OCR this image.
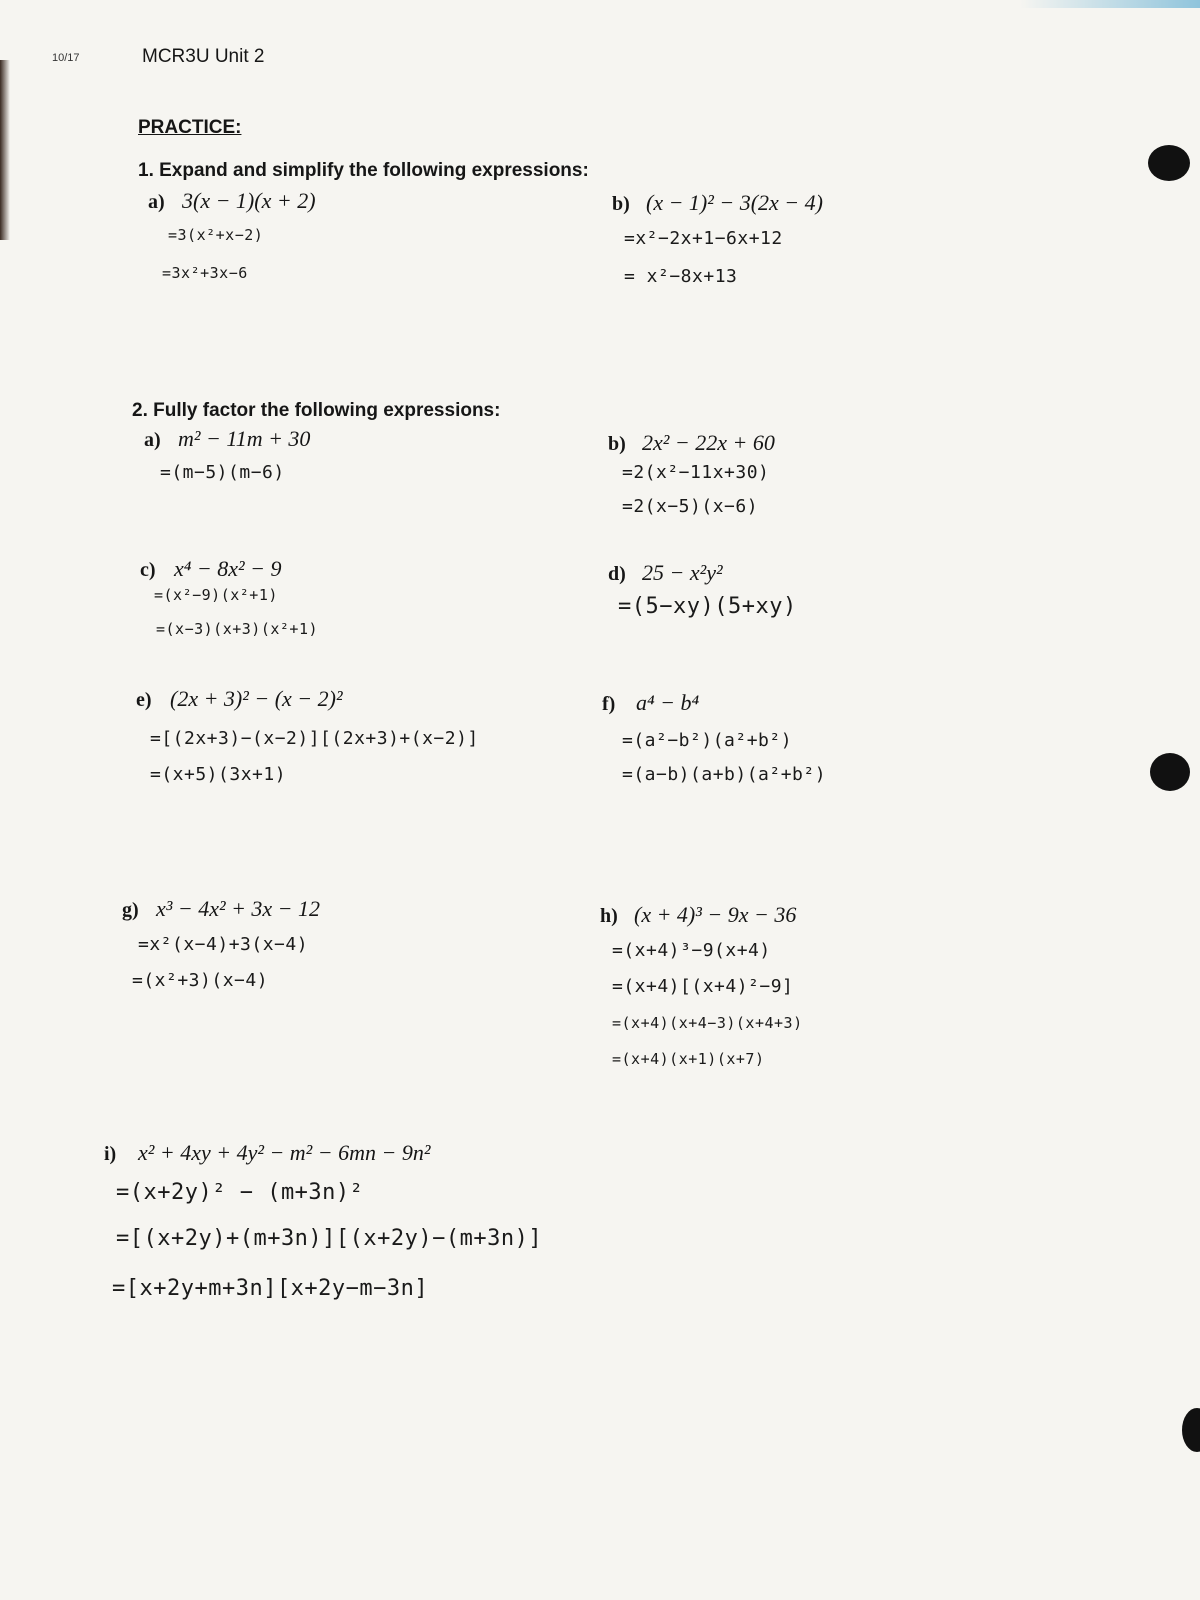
10/17	MCR3U Unit 2
PRACTICE:
1. Expand and simplify the following expressions:
a) 3(x − 1)(x + 2)
=3(x²+x−2)
=3x²+3x−6
b) (x − 1)² − 3(2x − 4)
=x²−2x+1−6x+12
= x²−8x+13
2. Fully factor the following expressions:
a) m² − 11m + 30
=(m−5)(m−6)
b) 2x² − 22x + 60
=2(x²−11x+30)
=2(x−5)(x−6)
c) x⁴ − 8x² − 9
=(x²−9)(x²+1)
=(x−3)(x+3)(x²+1)
d) 25 − x²y²
=(5−xy)(5+xy)
e) (2x + 3)² − (x − 2)²
=[(2x+3)−(x−2)][(2x+3)+(x−2)]
=(x+5)(3x+1)
f) a⁴ − b⁴
=(a²−b²)(a²+b²)
=(a−b)(a+b)(a²+b²)
g) x³ − 4x² + 3x − 12
=x²(x−4)+3(x−4)
=(x²+3)(x−4)
h) (x + 4)³ − 9x − 36
=(x+4)³−9(x+4)
=(x+4)[(x+4)²−9]
=(x+4)(x+4−3)(x+4+3)
=(x+4)(x+1)(x+7)
i) x² + 4xy + 4y² − m² − 6mn − 9n²
=(x+2y)² − (m+3n)²
=[(x+2y)+(m+3n)][(x+2y)−(m+3n)]
=[x+2y+m+3n][x+2y−m−3n]
